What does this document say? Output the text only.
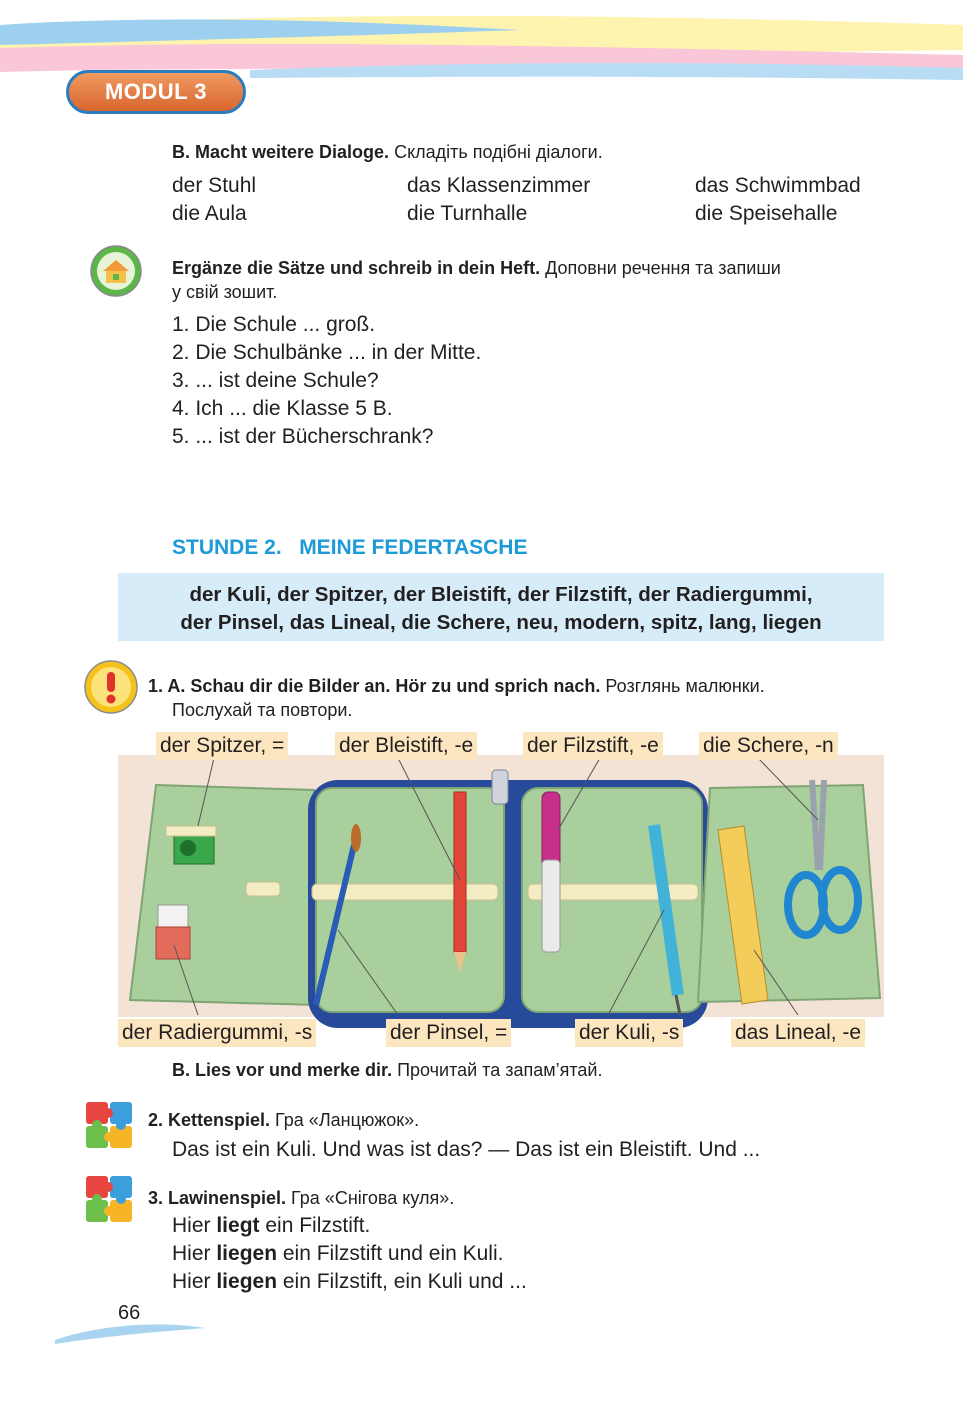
MODUL 3
B. Macht weitere Dialoge. Складіть подібні діалоги.
der Stuhl	das Klassenzimmer	das Schwimmbad
die Aula	die Turnhalle	die Speisehalle
Ergänze die Sätze und schreib in dein Heft. Доповни речення та запиши
у свій зошит.
1. Die Schule ... groß.
2. Die Schulbänke ... in der Mitte.
3. ... ist deine Schule?
4. Ich ... die Klasse 5 B.
5. ... ist der Bücherschrank?
STUNDE 2.   MEINE FEDERTASCHE
der Kuli, der Spitzer, der Bleistift, der Filzstift, der Radiergummi,
der Pinsel, das Lineal, die Schere, neu, modern, spitz, lang, liegen
1. A. Schau dir die Bilder an. Hör zu und sprich nach. Розглянь малюнки.
Послухай та повтори.
der Spitzer, =	der Bleistift, -e	der Filzstift, -e die Schere, -n
der Radiergummi, -s	der Pinsel, =	der Kuli, -s	das Lineal, -e
B. Lies vor und merke dir. Прочитай та запам’ятай.
2. Kettenspiel. Гра «Ланцюжок».
Das ist ein Kuli. Und was ist das? — Das ist ein Bleistift. Und ...
3. Lawinenspiel. Гра «Снігова куля».
Hier liegt ein Filzstift.
Hier liegen ein Filzstift und ein Kuli.
Hier liegen ein Filzstift, ein Kuli und ...
66
